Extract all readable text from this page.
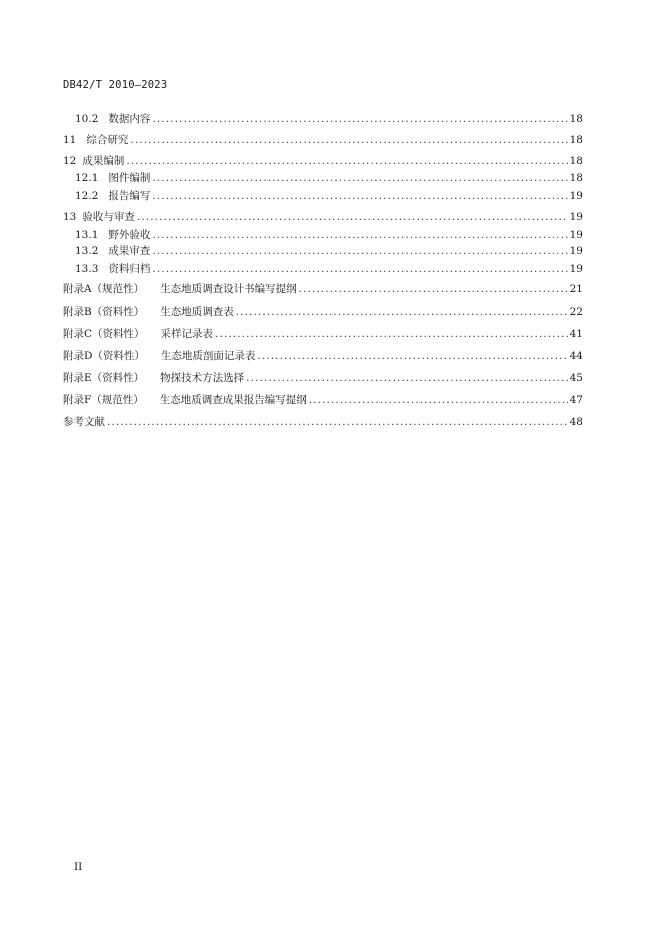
DB42/T 2010—2023
10.2 数据内容 .....	18
11 综合研究 .....	18
12 成果编制 .....	18
12.1 图件编制 .....	18
12.2 报告编写 .....	19
13 验收与审查 .....	19
13.1 野外验收 .....	19
13.2 成果审查 .....	19
13.3 资料归档 .....	19
附录A（规范性） 生态地质调查设计书编写提纲 .....	21
附录B（资料性） 生态地质调查表 .....	22
附录C（资料性） 采样记录表 .....	41
附录D（资料性） 生态地质剖面记录表 .....	44
附录E（资料性） 物探技术方法选择 .....	45
附录F（规范性） 生态地质调查成果报告编写提纲 .....	47
参考文献 .....	48
II
